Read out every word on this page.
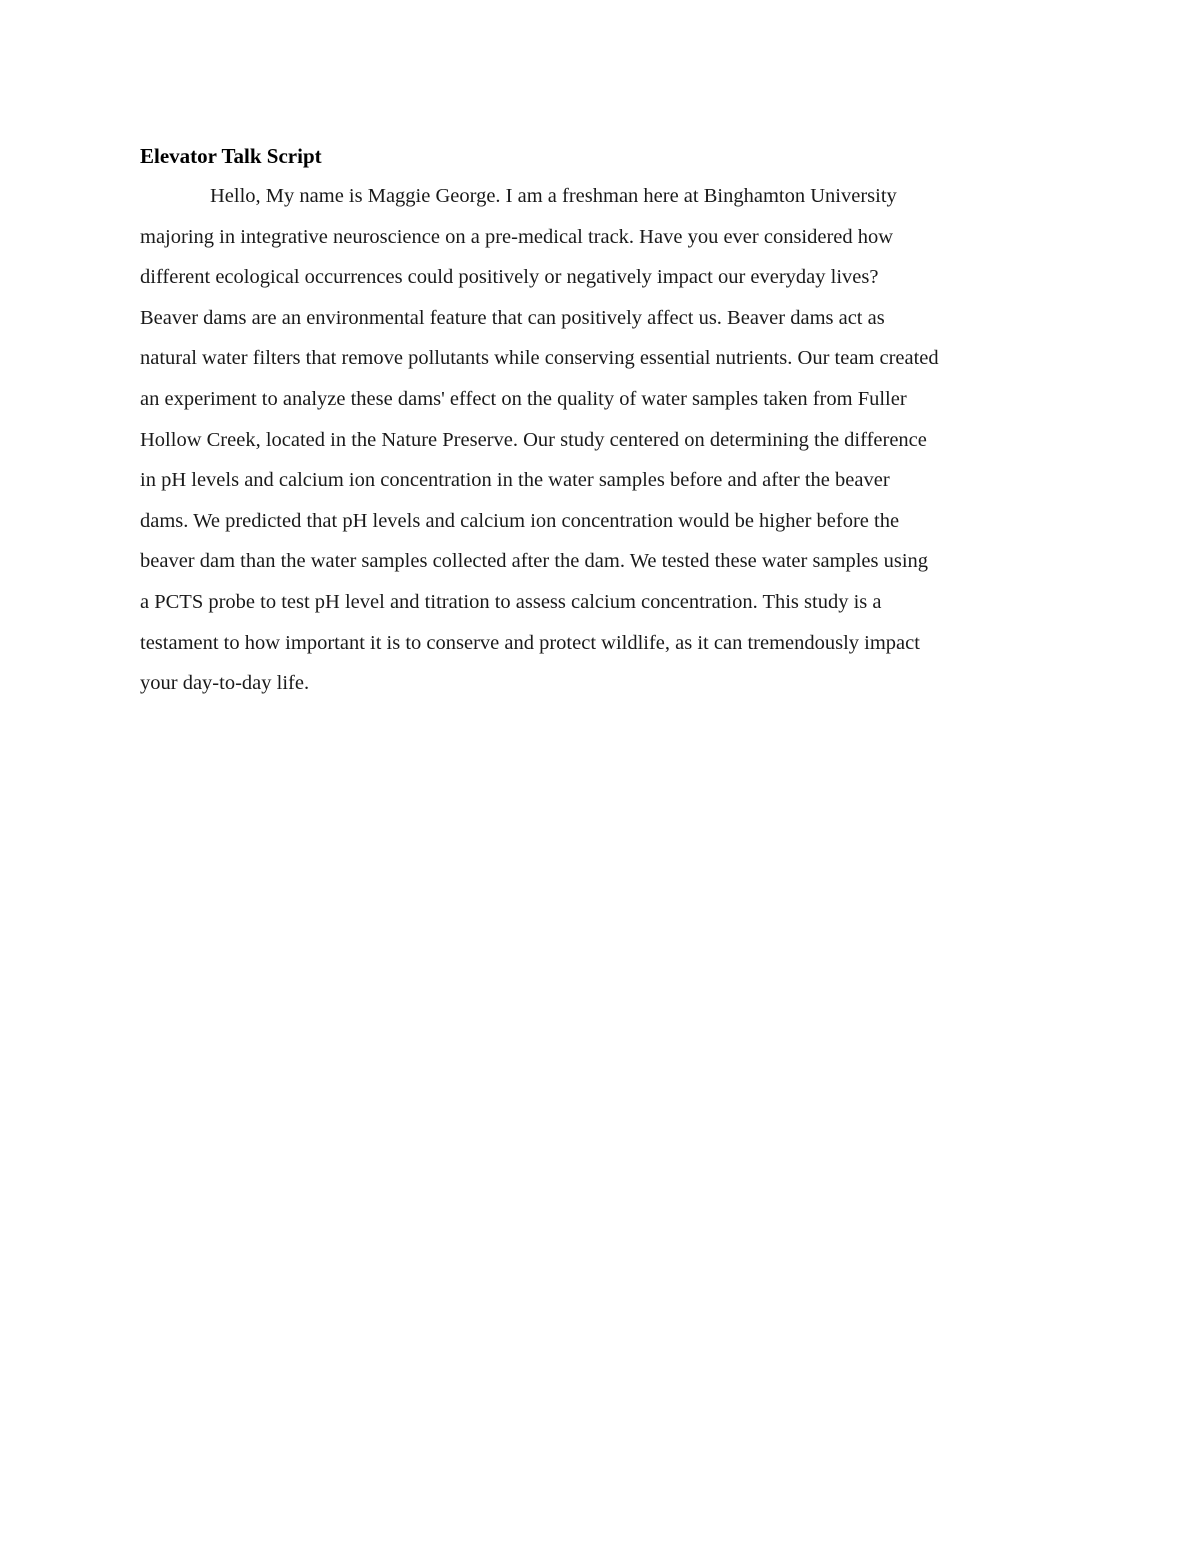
Elevator Talk Script
Hello, My name is Maggie George. I am a freshman here at Binghamton University
majoring in integrative neuroscience on a pre-medical track. Have you ever considered how
different ecological occurrences could positively or negatively impact our everyday lives?
Beaver dams are an environmental feature that can positively affect us. Beaver dams act as
natural water filters that remove pollutants while conserving essential nutrients. Our team created
an experiment to analyze these dams' effect on the quality of water samples taken from Fuller
Hollow Creek, located in the Nature Preserve. Our study centered on determining the difference
in pH levels and calcium ion concentration in the water samples before and after the beaver
dams. We predicted that pH levels and calcium ion concentration would be higher before the
beaver dam than the water samples collected after the dam. We tested these water samples using
a PCTS probe to test pH level and titration to assess calcium concentration. This study is a
testament to how important it is to conserve and protect wildlife, as it can tremendously impact
your day-to-day life.
